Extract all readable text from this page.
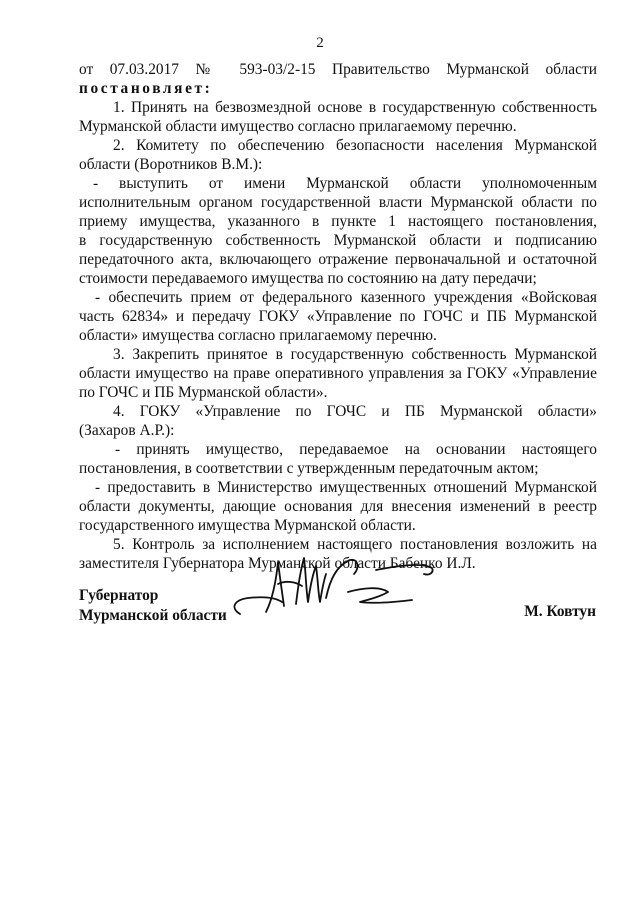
2
от 07.03.2017 № 593-03/2-15 Правительство Мурманской области
постановляет:
1. Принять на безвозмездной основе в государственную собственность
Мурманской области имущество согласно прилагаемому перечню.
2. Комитету по обеспечению безопасности населения Мурманской
области (Воротников В.М.):
- выступить от имени Мурманской области уполномоченным
исполнительным органом государственной власти Мурманской области по
приему имущества, указанного в пункте 1 настоящего постановления,
в государственную собственность Мурманской области и подписанию
передаточного акта, включающего отражение первоначальной и остаточной
стоимости передаваемого имущества по состоянию на дату передачи;
- обеспечить прием от федерального казенного учреждения «Войсковая
часть 62834» и передачу ГОКУ «Управление по ГОЧС и ПБ Мурманской
области» имущества согласно прилагаемому перечню.
3. Закрепить принятое в государственную собственность Мурманской
области имущество на праве оперативного управления за ГОКУ «Управление
по ГОЧС и ПБ Мурманской области».
4. ГОКУ «Управление по ГОЧС и ПБ Мурманской области»
(Захаров А.Р.):
- принять имущество, передаваемое на основании настоящего
постановления, в соответствии с утвержденным передаточным актом;
- предоставить в Министерство имущественных отношений Мурманской
области документы, дающие основания для внесения изменений в реестр
государственного имущества Мурманской области.
5. Контроль за исполнением настоящего постановления возложить на
заместителя Губернатора Мурманской области Бабенко И.Л.
Губернатор
Мурманской области	М. Ковтун
